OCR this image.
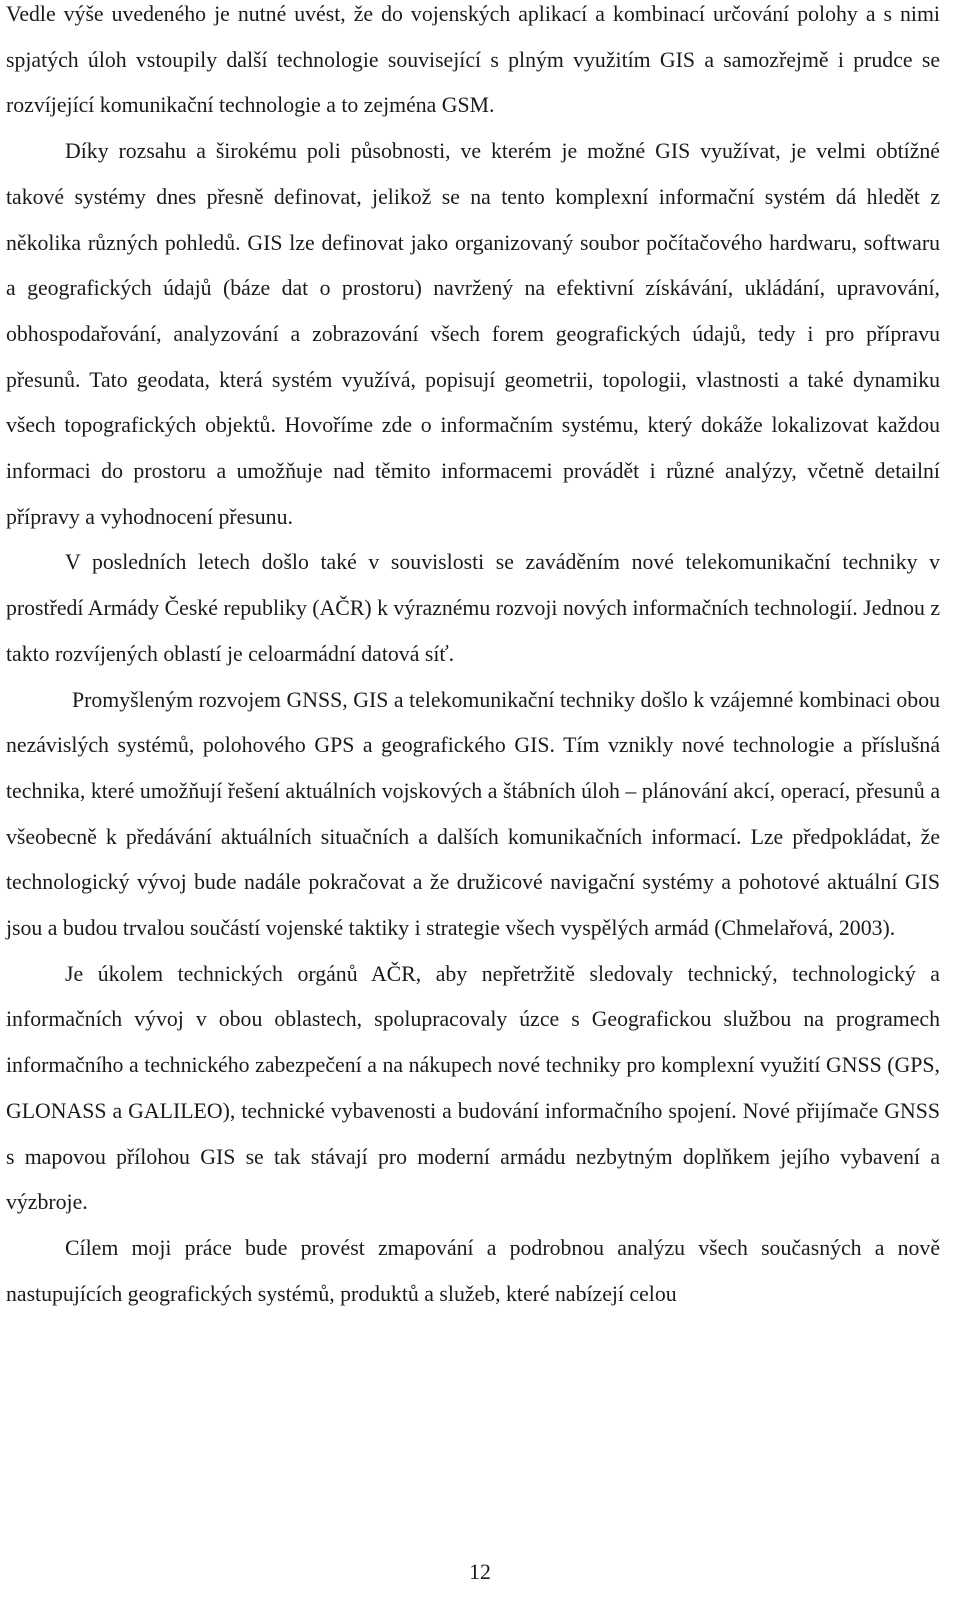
Vedle výše uvedeného je nutné uvést, že do vojenských aplikací a kombinací určování polohy a s nimi spjatých úloh vstoupily další technologie související s plným využitím GIS a samozřejmě i prudce se rozvíjející komunikační technologie a to zejména GSM.

Díky rozsahu a širokému poli působnosti, ve kterém je možné GIS využívat, je velmi obtížné takové systémy dnes přesně definovat, jelikož se na tento komplexní informační systém dá hledět z několika různých pohledů. GIS lze definovat jako organizovaný soubor počítačového hardwaru, softwaru a geografických údajů (báze dat o prostoru) navržený na efektivní získávání, ukládání, upravování, obhospodařování, analyzování a zobrazování všech forem geografických údajů, tedy i pro přípravu přesunů. Tato geodata, která systém využívá, popisují geometrii, topologii, vlastnosti a také dynamiku všech topografických objektů. Hovoříme zde o informačním systému, který dokáže lokalizovat každou informaci do prostoru a umožňuje nad těmito informacemi provádět i různé analýzy, včetně detailní přípravy a vyhodnocení přesunu.

V posledních letech došlo také v souvislosti se zaváděním nové telekomunikační techniky v prostředí Armády České republiky (AČR) k výraznému rozvoji nových informačních technologií. Jednou z takto rozvíjených oblastí je celoarmádní datová síť.

Promyšleným rozvojem GNSS, GIS a telekomunikační techniky došlo k vzájemné kombinaci obou nezávislých systémů, polohového GPS a geografického GIS. Tím vznikly nové technologie a příslušná technika, které umožňují řešení aktuálních vojskových a štábních úloh – plánování akcí, operací, přesunů a všeobecně k předávání aktuálních situačních a dalších komunikačních informací. Lze předpokládat, že technologický vývoj bude nadále pokračovat a že družicové navigační systémy a pohotové aktuální GIS jsou a budou trvalou součástí vojenské taktiky i strategie všech vyspělých armád (Chmelařová, 2003).

Je úkolem technických orgánů AČR, aby nepřetržitě sledovaly technický, technologický a informačních vývoj v obou oblastech, spolupracovaly úzce s Geografickou službou na programech informačního a technického zabezpečení a na nákupech nové techniky pro komplexní využití GNSS (GPS, GLONASS a GALILEO), technické vybavenosti a budování informačního spojení. Nové přijímače GNSS s mapovou přílohou GIS se tak stávají pro moderní armádu nezbytným doplňkem jejího vybavení a výzbroje.

Cílem moji práce bude provést zmapování a podrobnou analýzu všech současných a nově nastupujících geografických systémů, produktů a služeb, které nabízejí celou

12
